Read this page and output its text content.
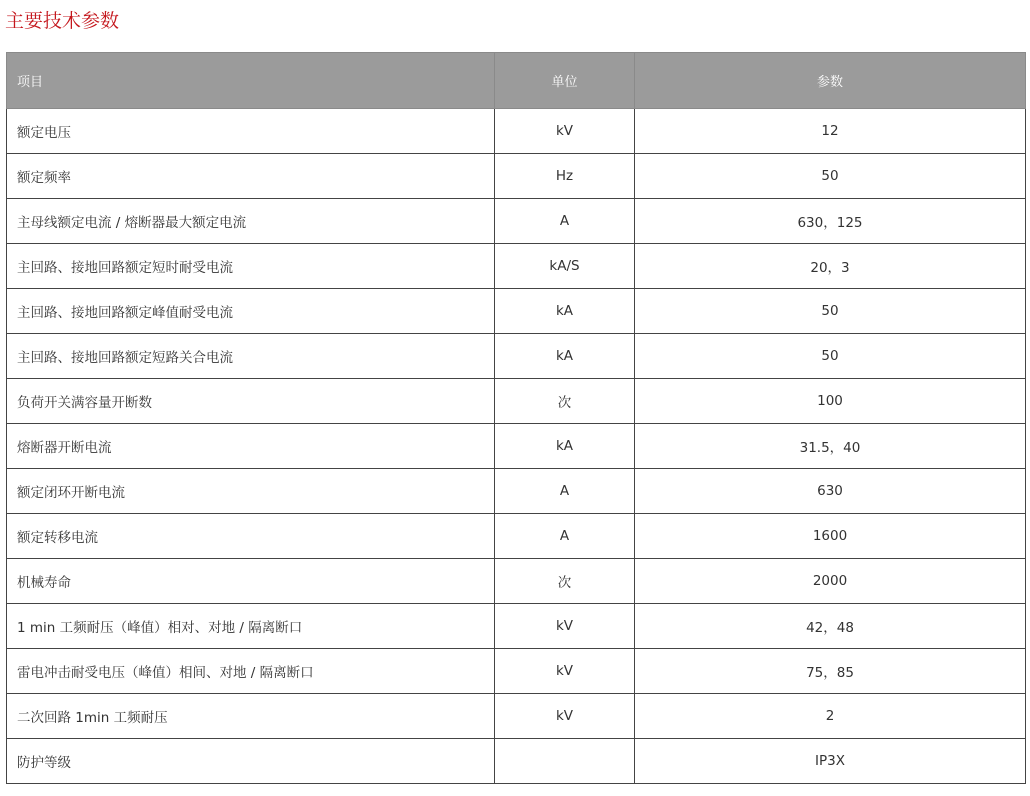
主要技术参数
项目	单位	参数
额定电压	kV	12
额定频率	Hz	50
主母线额定电流 / 熔断器最大额定电流	A	630，125
主回路、接地回路额定短时耐受电流	kA/S	20，3
主回路、接地回路额定峰值耐受电流	kA	50
主回路、接地回路额定短路关合电流	kA	50
负荷开关满容量开断数	次	100
熔断器开断电流	kA	31.5，40
额定闭环开断电流	A	630
额定转移电流	A	1600
机械寿命	次	2000
1 min 工频耐压（峰值）相对、对地 / 隔离断口	kV	42，48
雷电冲击耐受电压（峰值）相间、对地 / 隔离断口	kV	75，85
二次回路 1min 工频耐压	kV	2
防护等级		IP3X
